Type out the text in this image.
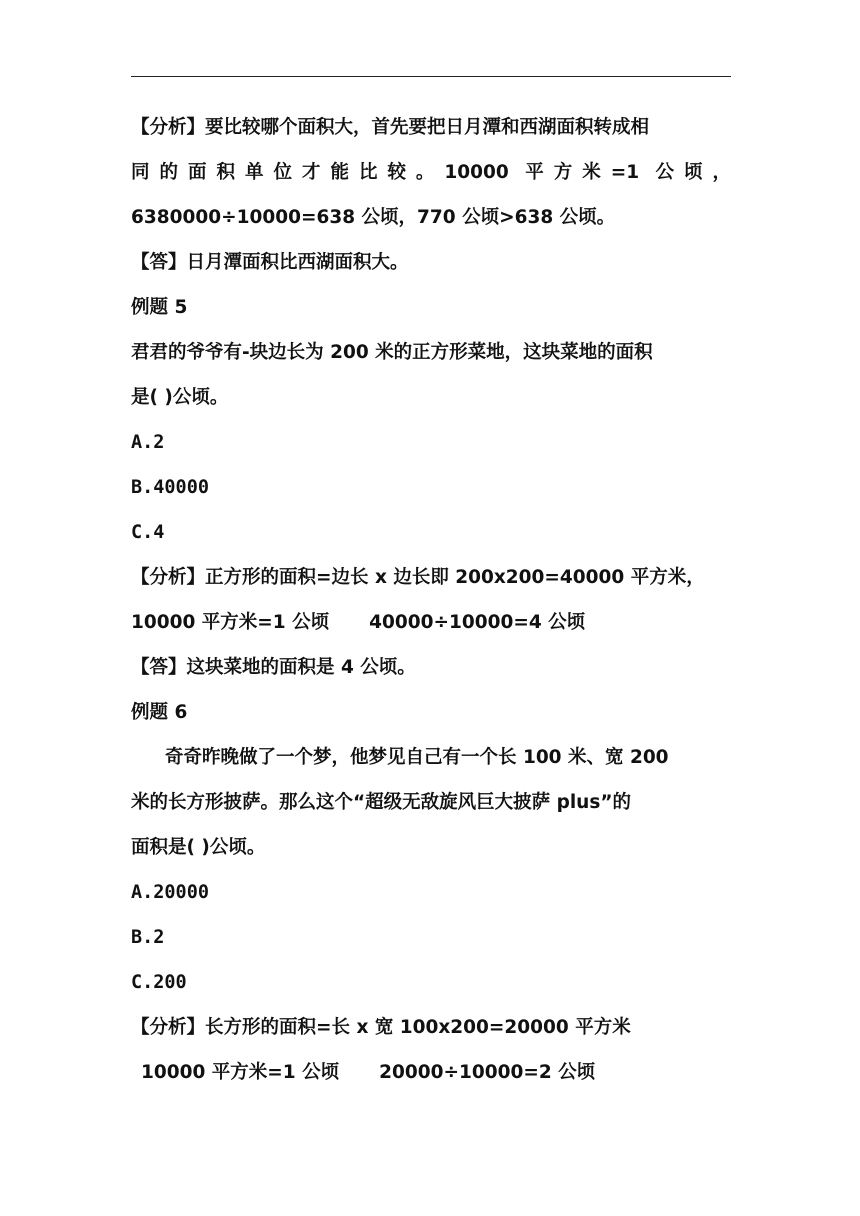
【分析】要比较哪个面积大，首先要把日月潭和西湖面积转成相
同的面积单位才能比较。10000 平方米=1 公顷，
6380000÷10000=638 公顷，770 公顷>638 公顷。
【答】日月潭面积比西湖面积大。
例题 5
君君的爷爷有-块边长为 200 米的正方形菜地，这块菜地的面积
是( )公顷。
A.2
B.40000
C.4
【分析】正方形的面积=边长 x 边长即 200x200=40000 平方米，
10000 平方米=1 公顷 40000÷10000=4 公顷
【答】这块菜地的面积是 4 公顷。
例题 6
奇奇昨晚做了一个梦，他梦见自己有一个长 100 米、宽 200
米的长方形披萨。那么这个“超级无敌旋风巨大披萨 plus”的
面积是( )公顷。
A.20000
B.2
C.200
【分析】长方形的面积=长 x 宽 100x200=20000 平方米
10000 平方米=1 公顷 20000÷10000=2 公顷
